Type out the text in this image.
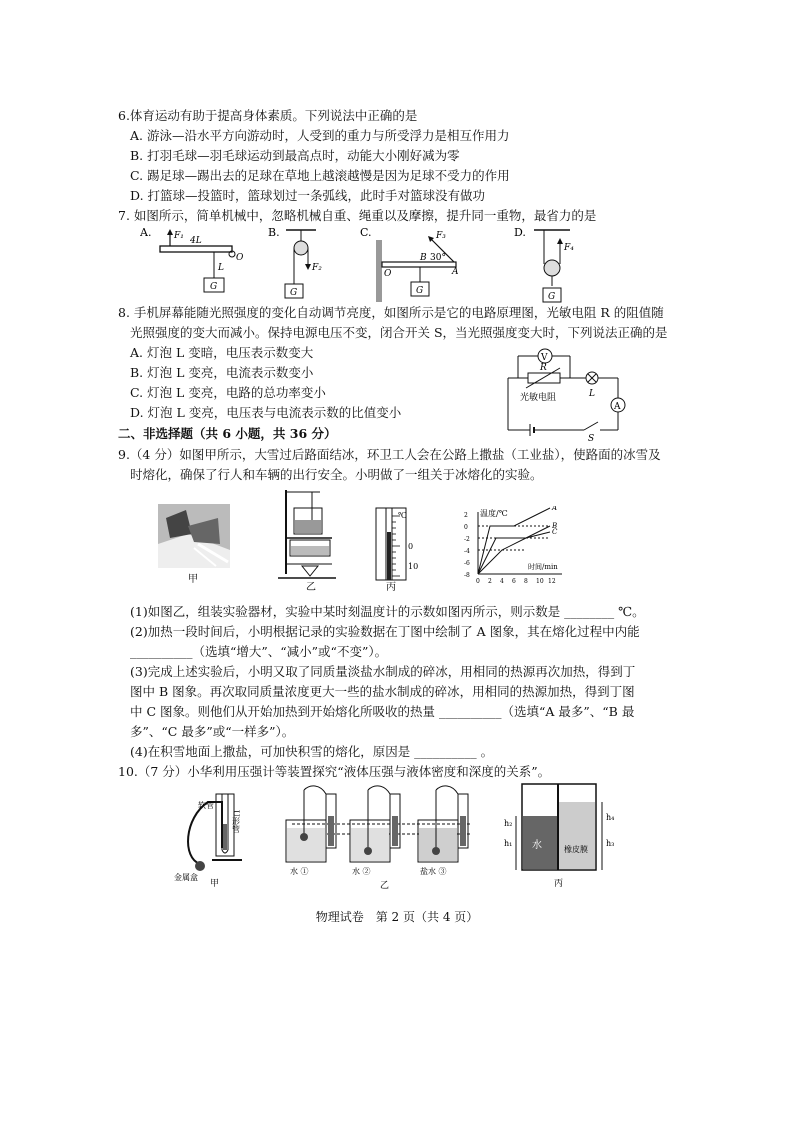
6.体育运动有助于提高身体素质。下列说法中正确的是
A. 游泳—沿水平方向游动时，人受到的重力与所受浮力是相互作用力
B. 打羽毛球—羽毛球运动到最高点时，动能大小刚好减为零
C. 踢足球—踢出去的足球在草地上越滚越慢是因为足球不受力的作用
D. 打篮球—投篮时，篮球划过一条弧线，此时手对篮球没有做功
7. 如图所示，简单机械中，忽略机械自重、绳重以及摩擦，提升同一重物，最省力的是
A.	F₁ 4L
O
L
G
B.
F₂
G
C.
O
B
A
F₃
30°
G
D.
F₄
G
8. 手机屏幕能随光照强度的变化自动调节亮度，如图所示是它的电路原理图，光敏电阻 R 的阻值随
光照强度的变大而减小。保持电源电压不变，闭合开关 S，当光照强度变大时，下列说法正确的是
A. 灯泡 L 变暗，电压表示数变大
B. 灯泡 L 变亮，电流表示数变小
C. 灯泡 L 变亮，电路的总功率变小
D. 灯泡 L 变亮，电压表与电流表示数的比值变小
V
R
L
A
光敏电阻
S
二、非选择题（共 6 小题，共 36 分）
9.（4 分）如图甲所示，大雪过后路面结冰，环卫工人会在公路上撒盐（工业盐），使路面的冰雪及
时熔化，确保了行人和车辆的出行安全。小明做了一组关于冰熔化的实验。
甲
乙
℃
0
10
丙
温度/℃
时间/min
2
0
-2
-4
-6
-8
0 2 4 6 8 10 12
A
B
C
(1)如图乙，组装实验器材，实验中某时刻温度计的示数如图丙所示，则示数是 ________ ℃。
(2)加热一段时间后，小明根据记录的实验数据在丁图中绘制了 A 图象，其在熔化过程中内能
__________（选填“增大”、“减小”或“不变”）。
(3)完成上述实验后，小明又取了同质量淡盐水制成的碎冰，用相同的热源再次加热，得到丁
图中 B 图象。再次取同质量浓度更大一些的盐水制成的碎冰，用相同的热源加热，得到丁图
中 C 图象。则他们从开始加热到开始熔化所吸收的热量 __________（选填“A 最多”、“B 最
多”、“C 最多”或“一样多”）。
(4)在积雪地面上撒盐，可加快积雪的熔化，原因是 __________ 。
10.（7 分）小华利用压强计等装置探究“液体压强与液体密度和深度的关系”。
软管
U形管
金属盒
甲	乙
水 ①	水 ②	盐水 ③
水	橡皮膜
h₁
h₂
h₃
h₄
丙
物理试卷　第 2 页（共 4 页）
